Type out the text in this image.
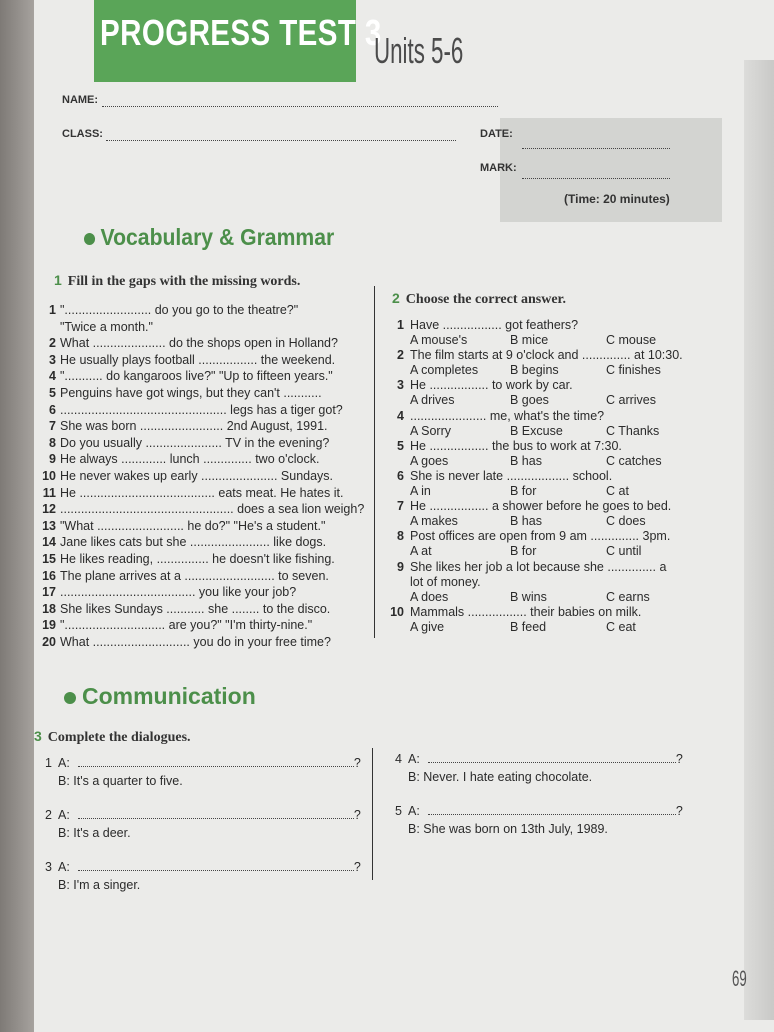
PROGRESS TEST 3
Units 5-6
NAME:
CLASS:	DATE:
MARK:
(Time: 20 minutes)
Vocabulary & Grammar
1 Fill in the gaps with the missing words.
2 Choose the correct answer.
1 "......................... do you go to the theatre?"
"Twice a month."
2 What ..................... do the shops open in Holland?
3 He usually plays football ................. the weekend.
4 "........... do kangaroos live?" "Up to fifteen years."
5 Penguins have got wings, but they can't ...........
6 ................................................ legs has a tiger got?
7 She was born ........................ 2nd August, 1991.
8 Do you usually ...................... TV in the evening?
9 He always ............. lunch .............. two o'clock.
10 He never wakes up early ...................... Sundays.
11 He ....................................... eats meat. He hates it.
12 .................................................. does a sea lion weigh?
13 "What ......................... he do?" "He's a student."
14 Jane likes cats but she ....................... like dogs.
15 He likes reading, ............... he doesn't like fishing.
16 The plane arrives at a .......................... to seven.
17 ....................................... you like your job?
18 She likes Sundays ........... she ........ to the disco.
19 "............................. are you?" "I'm thirty-nine."
20 What ............................ you do in your free time?
1 Have ................. got feathers?
A mouse's	B mice	C mouse
2 The film starts at 9 o'clock and .............. at 10:30.
A completes	B begins	C finishes
3 He ................. to work by car.
A drives	B goes	C arrives
4 ...................... me, what's the time?
A Sorry	B Excuse	C Thanks
5 He ................. the bus to work at 7:30.
A goes	B has	C catches
6 She is never late .................. school.
A in	B for	C at
7 He ................. a shower before he goes to bed.
A makes	B has	C does
8 Post offices are open from 9 am .............. 3pm.
A at	B for	C until
9 She likes her job a lot because she .............. a
lot of money.
A does	B wins	C earns
10 Mammals ................. their babies on milk.
A give	B feed	C eat
Communication
3 Complete the dialogues.
1 A:	?
B: It's a quarter to five.
2 A:	?
B: It's a deer.
3 A:	?
B: I'm a singer.
4 A:	?
B: Never. I hate eating chocolate.
5 A:	?
B: She was born on 13th July, 1989.
69
